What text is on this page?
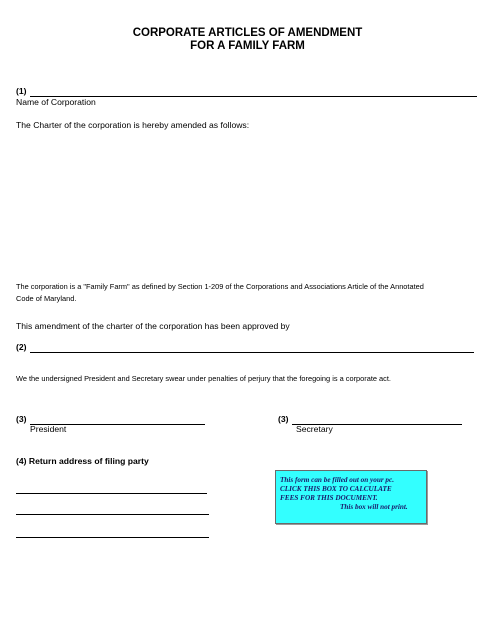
CORPORATE ARTICLES OF AMENDMENT
FOR A FAMILY FARM
(1)
Name of Corporation
The Charter of the corporation is hereby amended as follows:
The corporation is a "Family Farm" as defined by Section 1-209 of the Corporations and Associations Article of the Annotated
Code of Maryland.
This amendment of the charter of the corporation has been approved by
(2)
We the undersigned President and Secretary swear under penalties of perjury that the foregoing is a corporate act.
(3)
President
(3)
Secretary
(4) Return address of filing party
This form can be filled out on your pc.
CLICK THIS BOX TO CALCULATE
FEES FOR THIS DOCUMENT.
This box will not print.
